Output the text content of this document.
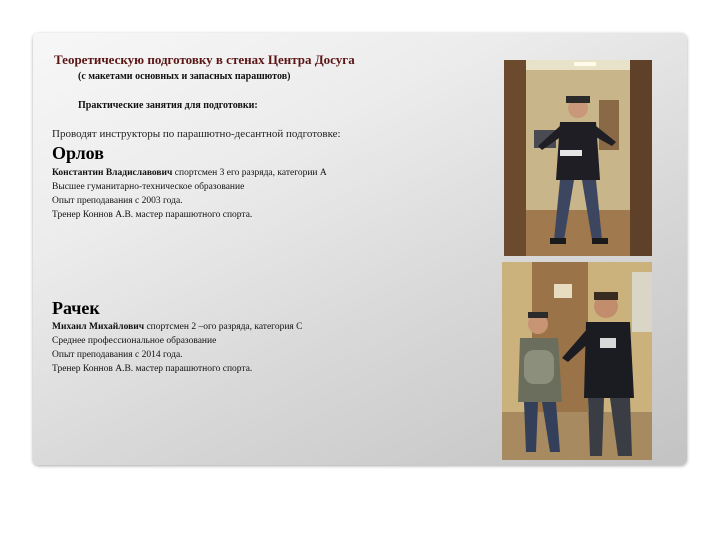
Теоретическую подготовку в стенах Центра Досуга
(с макетами основных и запасных парашютов)
Практические занятия для подготовки:
Проводят инструкторы по парашютно-десантной подготовке:
Орлов
Константин Владиславович спортсмен 3 его разряда, категории А
Высшее гуманитарно-техническое образование
Опыт преподавания с 2003 года.
Тренер Коннов А.В. мастер парашютного спорта.
Рачек
Михаил Михайлович спортсмен 2 –ого разряда, категория С
Среднее профессиональное образование
Опыт преподавания с 2014 года.
Тренер Коннов А.В. мастер парашютного спорта.
